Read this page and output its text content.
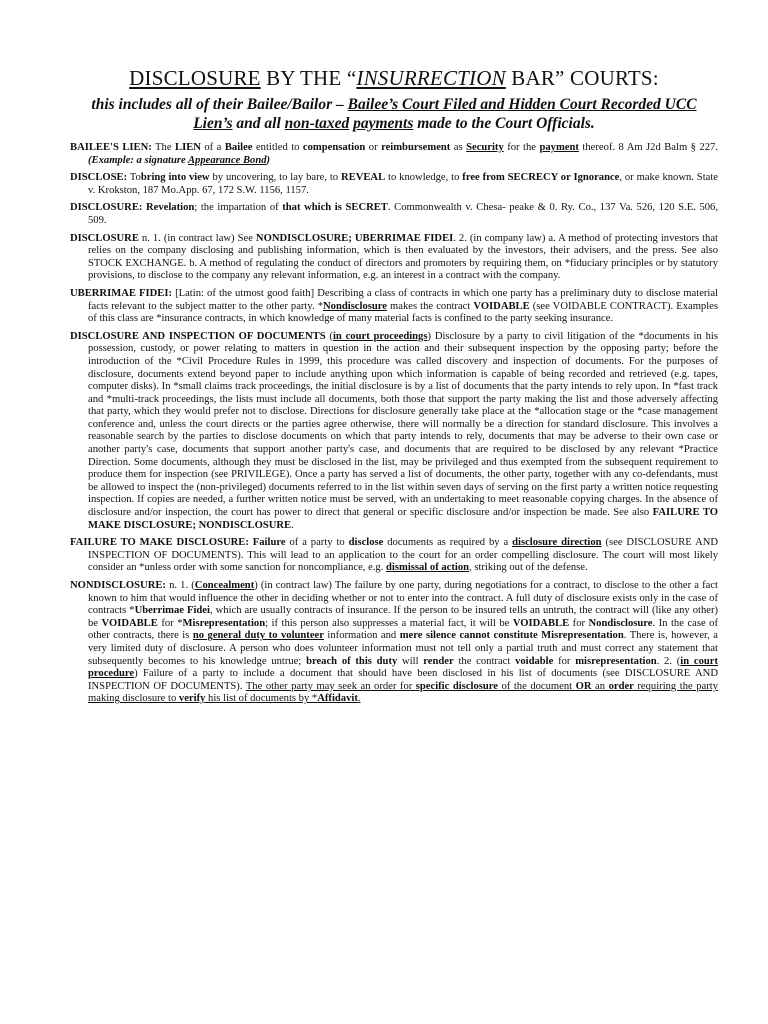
DISCLOSURE BY THE “INSURRECTION BAR” COURTS:
this includes all of their Bailee/Bailor – Bailee’s Court Filed and Hidden Court Recorded UCC Lien’s and all non-taxed payments made to the Court Officials.

BAILEE'S LIEN: The LIEN of a Bailee entitled to compensation or reimbursement as Security for the payment thereof. 8 Am J2d Balm § 227. (Example: a signature Appearance Bond)

DISCLOSE: Tobring into view by uncovering, to lay bare, to REVEAL to knowledge, to free from SECRECY or Ignorance, or make known. State v. Krokston, 187 Mo.App. 67, 172 S.W. 1156, 1157.

DISCLOSURE: Revelation; the impartation of that which is SECRET. Commonwealth v. Chesa- peake & 0. Ry. Co., 137 Va. 526, 120 S.E. 506, 509.

DISCLOSURE n. 1. (in contract law) See NONDISCLOSURE; UBERRIMAE FIDEI. 2. (in company law) a. A method of protecting investors that relies on the company disclosing and publishing information, which is then evaluated by the investors, their advisers, and the press. See also STOCK EXCHANGE. b. A method of regulating the conduct of directors and promoters by requiring them, on *fiduciary principles or by statutory provisions, to disclose to the company any relevant information, e.g. an interest in a contract with the company.

UBERRIMAE FIDEI: [Latin: of the utmost good faith] Describing a class of contracts in which one party has a preliminary duty to disclose material facts relevant to the subject matter to the other party. *Nondisclosure makes the contract VOIDABLE (see VOIDABLE CONTRACT). Examples of this class are *insurance contracts, in which knowledge of many material facts is confined to the party seeking insurance.

DISCLOSURE AND INSPECTION OF DOCUMENTS (in court proceedings) Disclosure by a party to civil litigation of the *documents in his possession, custody, or power relating to matters in question in the action and their subsequent inspection by the opposing party; before the introduction of the *Civil Procedure Rules in 1999, this procedure was called discovery and inspection of documents. For the purposes of disclosure, documents extend beyond paper to include anything upon which information is capable of being recorded and retrieved (e.g. tapes, computer disks). In *small claims track proceedings, the initial disclosure is by a list of documents that the party intends to rely upon. In *fast track and *multi-track proceedings, the lists must include all documents, both those that support the party making the list and those adversely affecting that party, which they would prefer not to disclose. Directions for disclosure generally take place at the *allocation stage or the *case management conference and, unless the court directs or the parties agree otherwise, there will normally be a direction for standard disclosure. This involves a reasonable search by the parties to disclose documents on which that party intends to rely, documents that may be adverse to their own case or another party's case, documents that support another party's case, and documents that are required to be disclosed by any relevant *Practice Direction. Some documents, although they must be disclosed in the list, may be privileged and thus exempted from the subsequent requirement to produce them for inspection (see PRIVILEGE). Once a party has served a list of documents, the other party, together with any co-defendants, must be allowed to inspect the (non-privileged) documents referred to in the list within seven days of serving on the first party a written notice requesting inspection. If copies are needed, a further written notice must be served, with an undertaking to meet reasonable copying charges. In the absence of disclosure and/or inspection, the court has power to direct that general or specific disclosure and/or inspection be made. See also FAILURE TO MAKE DISCLOSURE; NONDISCLOSURE.

FAILURE TO MAKE DISCLOSURE: Failure of a party to disclose documents as required by a disclosure direction (see DISCLOSURE AND INSPECTION OF DOCUMENTS). This will lead to an application to the court for an order compelling disclosure. The court will most likely consider an *unless order with some sanction for noncompliance, e.g. dismissal of action, striking out of the defense.

NONDISCLOSURE: n. 1. (Concealment) (in contract law) The failure by one party, during negotiations for a contract, to disclose to the other a fact known to him that would influence the other in deciding whether or not to enter into the contract. A full duty of disclosure exists only in the case of contracts *Uberrimae Fidei, which are usually contracts of insurance. If the person to be insured tells an untruth, the contract will (like any other) be VOIDABLE for *Misrepresentation; if this person also suppresses a material fact, it will be VOIDABLE for Nondisclosure. In the case of other contracts, there is no general duty to volunteer information and mere silence cannot constitute Misrepresentation. There is, however, a very limited duty of disclosure. A person who does volunteer information must not tell only a partial truth and must correct any statement that subsequently becomes to his knowledge untrue; breach of this duty will render the contract voidable for misrepresentation. 2. (in court procedure) Failure of a party to include a document that should have been disclosed in his list of documents (see DISCLOSURE AND INSPECTION OF DOCUMENTS). The other party may seek an order for specific disclosure of the document OR an order requiring the party making disclosure to verify his list of documents by *Affidavit.
